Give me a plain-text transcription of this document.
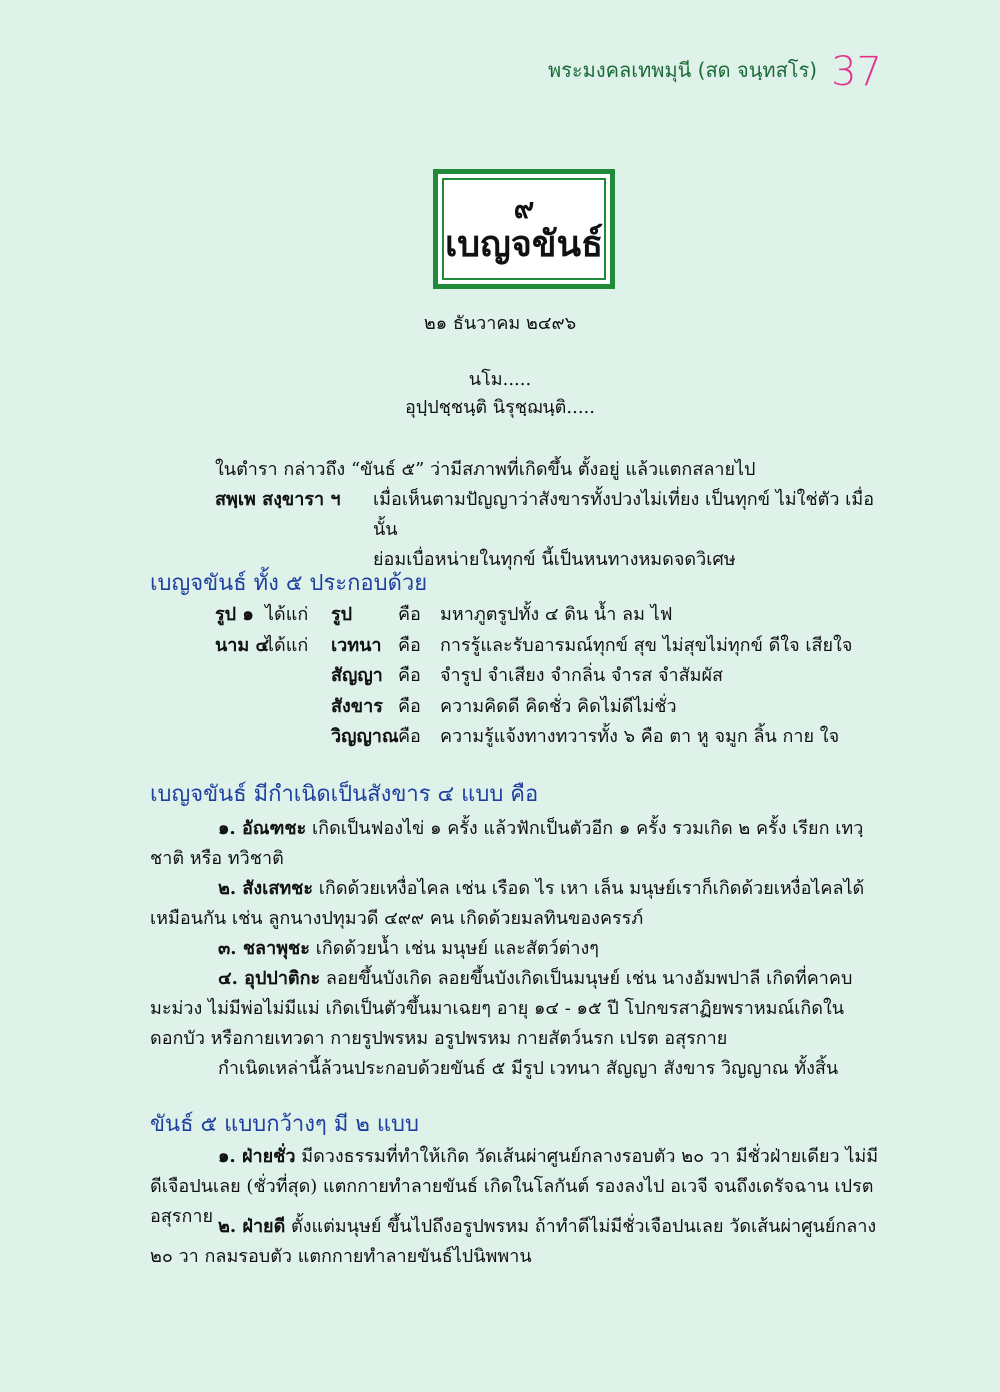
พระมงคลเทพมุนี (สด จนฺทสโร) 37
๙
เบญจขันธ์
๒๑ ธันวาคม ๒๔๙๖
นโม.....
อุปฺปชฺชนฺติ นิรุชฺฌนฺติ.....
ในตำรา กล่าวถึง “ขันธ์ ๕” ว่ามีสภาพที่เกิดขึ้น ตั้งอยู่ แล้วแตกสลายไป
สพฺเพ สงฺขารา ฯ	เมื่อเห็นตามปัญญาว่าสังขารทั้งปวงไม่เที่ยง เป็นทุกข์ ไม่ใช่ตัว เมื่อนั้น
ย่อมเบื่อหน่ายในทุกข์ นี้เป็นหนทางหมดจดวิเศษ
เบญจขันธ์ ทั้ง ๕ ประกอบด้วย
รูป ๑ ได้แก่	รูป	คือ มหาภูตรูปทั้ง ๔ ดิน น้ำ ลม ไฟ
นาม ๔
ได้แก่	เวทนา คือ การรู้และรับอารมณ์ทุกข์ สุข ไม่สุขไม่ทุกข์ ดีใจ เสียใจ
สัญญา คือ จำรูป จำเสียง จำกลิ่น จำรส จำสัมผัส
สังขาร คือ ความคิดดี คิดชั่ว คิดไม่ดีไม่ชั่ว
วิญญาณ คือ ความรู้แจ้งทางทวารทั้ง ๖ คือ ตา หู จมูก ลิ้น กาย ใจ
เบญจขันธ์ มีกำเนิดเป็นสังขาร ๔ แบบ คือ
๑. อัณฑชะ เกิดเป็นฟองไข่ ๑ ครั้ง แล้วฟักเป็นตัวอีก ๑ ครั้ง รวมเกิด ๒ ครั้ง เรียก เทวฺชาติ หรือ ทวิชาติ
๒. สังเสทชะ เกิดด้วยเหงื่อไคล เช่น เรือด ไร เหา เล็น มนุษย์เราก็เกิดด้วยเหงื่อไคลได้เหมือนกัน เช่น ลูกนางปทุมวดี ๔๙๙ คน เกิดด้วยมลทินของครรภ์
๓. ชลาพุชะ เกิดด้วยน้ำ เช่น มนุษย์ และสัตว์ต่างๆ
๔. อุปปาติกะ ลอยขึ้นบังเกิด ลอยขึ้นบังเกิดเป็นมนุษย์ เช่น นางอัมพปาลี เกิดที่คาคบมะม่วง ไม่มีพ่อไม่มีแม่ เกิดเป็นตัวขึ้นมาเฉยๆ อายุ ๑๔ - ๑๕ ปี โปกขรสาฏิยพราหมณ์เกิดในดอกบัว หรือกายเทวดา กายรูปพรหม อรูปพรหม กายสัตว์นรก เปรต อสุรกาย
กำเนิดเหล่านี้ล้วนประกอบด้วยขันธ์ ๕ มีรูป เวทนา สัญญา สังขาร วิญญาณ ทั้งสิ้น
ขันธ์ ๕ แบบกว้างๆ มี ๒ แบบ
๑. ฝ่ายชั่ว มีดวงธรรมที่ทำให้เกิด วัดเส้นผ่าศูนย์กลางรอบตัว ๒๐ วา มีชั่วฝ่ายเดียว ไม่มีดีเจือปนเลย (ชั่วที่สุด) แตกกายทำลายขันธ์ เกิดในโลกันต์ รองลงไป อเวจี จนถึงเดรัจฉาน เปรต อสุรกาย ๒. ฝ่ายดี ตั้งแต่มนุษย์ ขึ้นไปถึงอรูปพรหม ถ้าทำดีไม่มีชั่วเจือปนเลย วัดเส้นผ่าศูนย์กลาง ๒๐ วา กลมรอบตัว แตกกายทำลายขันธ์ไปนิพพาน
